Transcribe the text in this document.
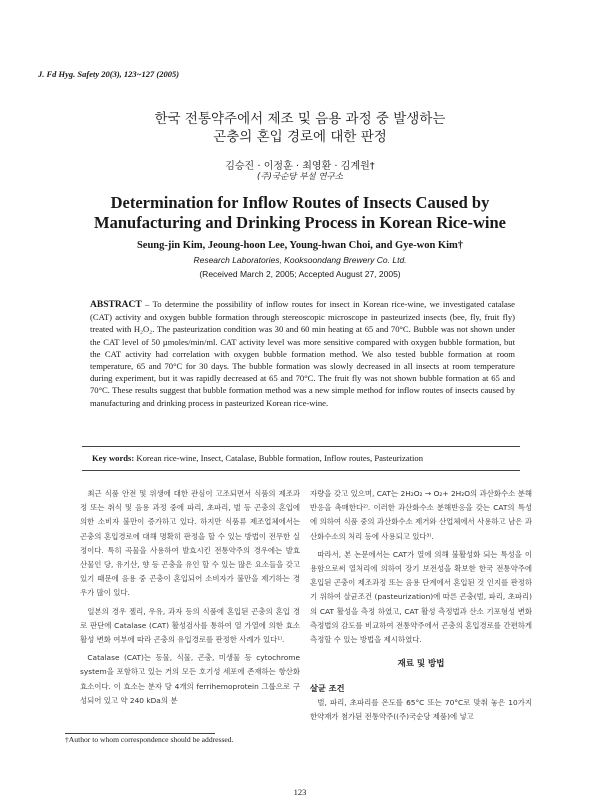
J. Fd Hyg. Safety 20(3), 123~127 (2005)
한국 전통약주에서 제조 및 음용 과정 중 발생하는
곤충의 혼입 경로에 대한 판정
김승진 · 이정훈 · 최영환 · 김계원†
(주)국순당 부설 연구소
Determination for Inflow Routes of Insects Caused by
Manufacturing and Drinking Process in Korean Rice-wine
Seung-jin Kim, Jeoung-hoon Lee, Young-hwan Choi, and Gye-won Kim†
Research Laboratories, Kooksoondang Brewery Co. Ltd.
(Received March 2, 2005; Accepted August 27, 2005)
ABSTRACT – To determine the possibility of inflow routes for insect in Korean rice-wine, we investigated catalase (CAT) activity and oxygen bubble formation through stereoscopic microscope in pasteurized insects (bee, fly, fruit fly) treated with H₂O₂. The pasteurization condition was 30 and 60 min heating at 65 and 70°C. Bubble was not shown under the CAT level of 50 µmoles/min/ml. CAT activity level was more sensitive compared with oxygen bubble formation, but the CAT activity had correlation with oxygen bubble formation method. We also tested bubble formation at room temperature, 65 and 70°C for 30 days. The bubble formation was slowly decreased in all insects at room temperature during experiment, but it was rapidly decreased at 65 and 70°C. The fruit fly was not shown bubble formation at 65 and 70°C. These results suggest that bubble formation method was a new simple method for inflow routes of insects caused by manufacturing and drinking process in pasteurized Korean rice-wine.
Key words: Korean rice-wine, Insect, Catalase, Bubble formation, Inflow routes, Pasteurization

최근 식품 안전 및 위생에 대한 관심이 고조되면서 식품의 제조과정 또는 취식 및 음용 과정 중에 파리, 초파리, 벌 등 곤충의 혼입에 의한 소비자 불만이 증가하고 있다. 하지만 식품류 제조업체에서는 곤충의 혼입경로에 대해 명확히 판정을 할 수 있는 방법이 전무한 실정이다. 특히 곡물을 사용하여 발효시킨 전통약주의 경우에는 발효 산물인 당, 유기산, 향 등 곤충을 유인 할 수 있는 많은 요소들을 갖고 있기 때문에 음용 중 곤충이 혼입되어 소비자가 불만을 제기하는 경우가 많이 있다.

일본의 경우 젤리, 우유, 과자 등의 식품에 혼입된 곤충의 혼입 경로 판단에 Catalase (CAT) 활성검사를 통하여 열 가열에 의한 효소 활성 변화 여부에 따라 곤충의 유입경로를 판정한 사례가 있다¹⁾.

Catalase (CAT)는 동물, 식물, 곤충, 미생물 등 cytochrome system을 포함하고 있는 거의 모든 호기성 세포에 존재하는 항산화 효소이다. 이 효소는 분자 당 4개의 ferrihemoprotein 그룹으로 구성되어 있고 약 240 kDa의 분

자량을 갖고 있으며, CAT는 2H₂O₂ → O₂+ 2H₂O의 과산화수소 분해반응을 촉매한다²⁾. 이러한 과산화수소 분해반응을 갖는 CAT의 특성에 의하여 식품 중의 과산화수소 제거와 산업체에서 사용하고 남은 과산화수소의 처리 등에 사용되고 있다³⁾.

따라서, 본 논문에서는 CAT가 열에 의해 불활성화 되는 특성을 이용함으로써 열처리에 의하여 장기 보전성을 확보한 한국 전통약주에 혼입된 곤충이 제조과정 또는 음용 단계에서 혼입된 것 인지를 판정하기 위하여 살균조건 (pasteurization)에 따른 곤충(벌, 파리, 초파리)의 CAT 활성을 측정 하였고, CAT 활성 측정법과 산소 기포형성 변화 측정법의 감도를 비교하여 전통약주에서 곤충의 혼입경로를 간편하게 측정할 수 있는 방법을 제시하였다.

재료 및 방법
살균 조건

벌, 파리, 초파리를 온도를 65°C 또는 70°C로 맞춰 놓은 10가지 한약재가 첨가된 전통약주((주)국순당 제품)에 넣고

†Author to whom correspondence should be addressed.
123
